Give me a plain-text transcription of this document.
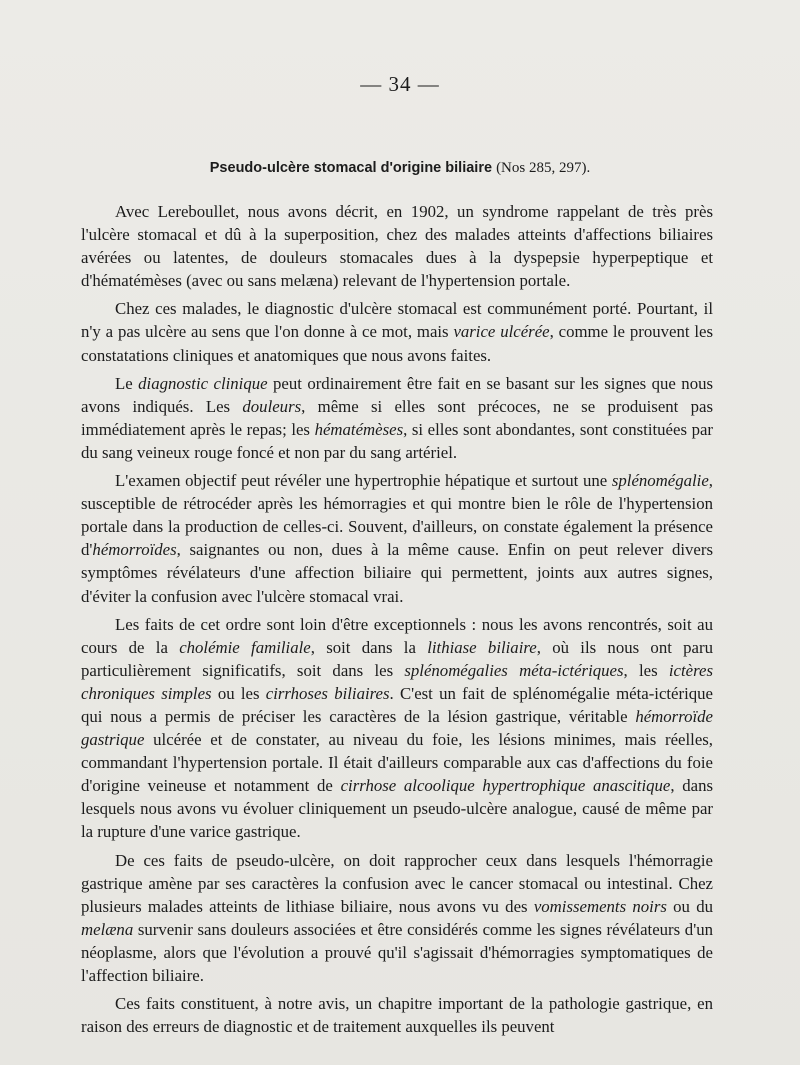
— 34 —
Pseudo-ulcère stomacal d'origine biliaire (Nos 285, 297).

Avec Lereboullet, nous avons décrit, en 1902, un syndrome rappelant de très près l'ulcère stomacal et dû à la superposition, chez des malades atteints d'affections biliaires avérées ou latentes, de douleurs stomacales dues à la dyspepsie hyperpeptique et d'hématémèses (avec ou sans melæna) relevant de l'hypertension portale.

Chez ces malades, le diagnostic d'ulcère stomacal est communément porté. Pourtant, il n'y a pas ulcère au sens que l'on donne à ce mot, mais varice ulcérée, comme le prouvent les constatations cliniques et anatomiques que nous avons faites.

Le diagnostic clinique peut ordinairement être fait en se basant sur les signes que nous avons indiqués. Les douleurs, même si elles sont précoces, ne se produisent pas immédiatement après le repas; les hématémèses, si elles sont abondantes, sont constituées par du sang veineux rouge foncé et non par du sang artériel.

L'examen objectif peut révéler une hypertrophie hépatique et surtout une splénomégalie, susceptible de rétrocéder après les hémorragies et qui montre bien le rôle de l'hypertension portale dans la production de celles-ci. Souvent, d'ailleurs, on constate également la présence d'hémorroïdes, saignantes ou non, dues à la même cause. Enfin on peut relever divers symptômes révélateurs d'une affection biliaire qui permettent, joints aux autres signes, d'éviter la confusion avec l'ulcère stomacal vrai.

Les faits de cet ordre sont loin d'être exceptionnels : nous les avons rencontrés, soit au cours de la cholémie familiale, soit dans la lithiase biliaire, où ils nous ont paru particulièrement significatifs, soit dans les splénomégalies méta-ictériques, les ictères chroniques simples ou les cirrhoses biliaires. C'est un fait de splénomégalie méta-ictérique qui nous a permis de préciser les caractères de la lésion gastrique, véritable hémorroïde gastrique ulcérée et de constater, au niveau du foie, les lésions minimes, mais réelles, commandant l'hypertension portale. Il était d'ailleurs comparable aux cas d'affections du foie d'origine veineuse et notamment de cirrhose alcoolique hypertrophique anascitique, dans lesquels nous avons vu évoluer cliniquement un pseudo-ulcère analogue, causé de même par la rupture d'une varice gastrique.

De ces faits de pseudo-ulcère, on doit rapprocher ceux dans lesquels l'hémorragie gastrique amène par ses caractères la confusion avec le cancer stomacal ou intestinal. Chez plusieurs malades atteints de lithiase biliaire, nous avons vu des vomissements noirs ou du melæna survenir sans douleurs associées et être considérés comme les signes révélateurs d'un néoplasme, alors que l'évolution a prouvé qu'il s'agissait d'hémorragies symptomatiques de l'affection biliaire.

Ces faits constituent, à notre avis, un chapitre important de la pathologie gastrique, en raison des erreurs de diagnostic et de traitement auxquelles ils peuvent
